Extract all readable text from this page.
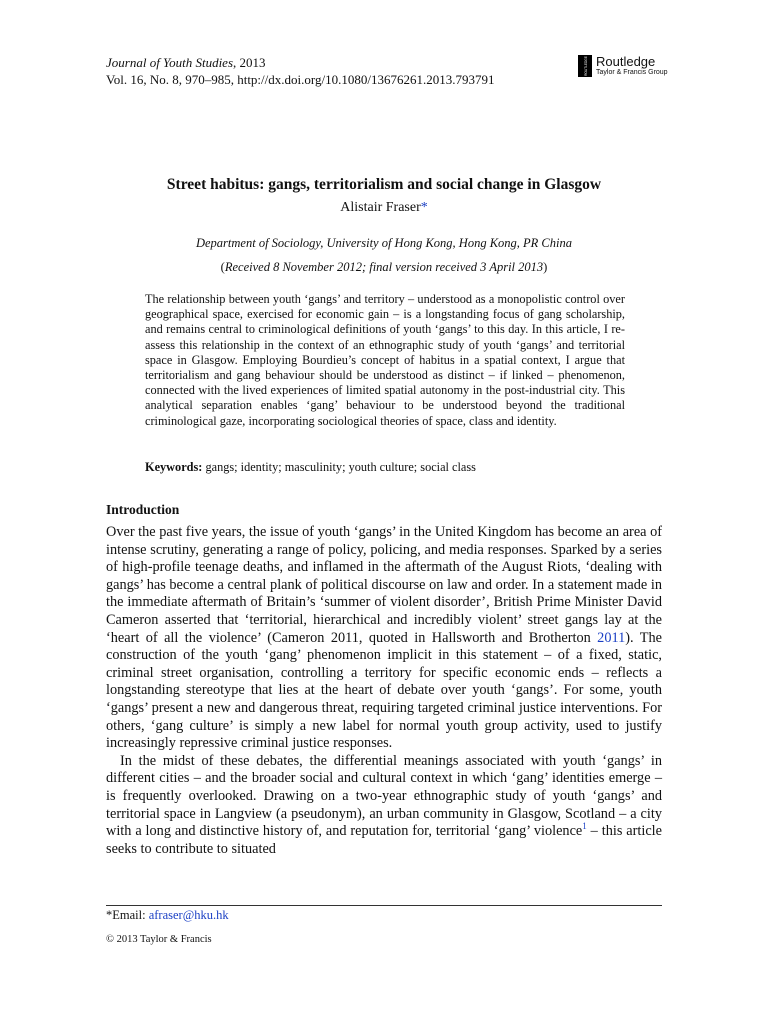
Journal of Youth Studies, 2013
Vol. 16, No. 8, 970–985, http://dx.doi.org/10.1080/13676261.2013.793791
ROUTLEDGE Routledge
Taylor & Francis Group
Street habitus: gangs, territorialism and social change in Glasgow
Alistair Fraser*
Department of Sociology, University of Hong Kong, Hong Kong, PR China
(Received 8 November 2012; final version received 3 April 2013)
The relationship between youth ‘gangs’ and territory – understood as a monopolistic control over geographical space, exercised for economic gain – is a longstanding focus of gang scholarship, and remains central to criminological definitions of youth ‘gangs’ to this day. In this article, I re-assess this relationship in the context of an ethnographic study of youth ‘gangs’ and territorial space in Glasgow. Employing Bourdieu’s concept of habitus in a spatial context, I argue that territorialism and gang behaviour should be understood as distinct – if linked – phenomenon, connected with the lived experiences of limited spatial autonomy in the post-industrial city. This analytical separation enables ‘gang’ behaviour to be understood beyond the traditional criminological gaze, incorporating sociological theories of space, class and identity.
Keywords: gangs; identity; masculinity; youth culture; social class
Introduction

Over the past five years, the issue of youth ‘gangs’ in the United Kingdom has become an area of intense scrutiny, generating a range of policy, policing, and media responses. Sparked by a series of high-profile teenage deaths, and inflamed in the aftermath of the August Riots, ‘dealing with gangs’ has become a central plank of political discourse on law and order. In a statement made in the immediate aftermath of Britain’s ‘summer of violent disorder’, British Prime Minister David Cameron asserted that ‘territorial, hierarchical and incredibly violent’ street gangs lay at the ‘heart of all the violence’ (Cameron 2011, quoted in Hallsworth and Brotherton 2011). The construction of the youth ‘gang’ phenomenon implicit in this statement – of a fixed, static, criminal street organisation, controlling a territory for specific economic ends – reflects a longstanding stereotype that lies at the heart of debate over youth ‘gangs’. For some, youth ‘gangs’ present a new and dangerous threat, requiring targeted criminal justice interventions. For others, ‘gang culture’ is simply a new label for normal youth group activity, used to justify increasingly repressive criminal justice responses.

In the midst of these debates, the differential meanings associated with youth ‘gangs’ in different cities – and the broader social and cultural context in which ‘gang’ identities emerge – is frequently overlooked. Drawing on a two-year ethnographic study of youth ‘gangs’ and territorial space in Langview (a pseudonym), an urban community in Glasgow, Scotland – a city with a long and distinctive history of, and reputation for, territorial ‘gang’ violence$^1$ – this article seeks to contribute to situated

*Email: afraser@hku.hk
© 2013 Taylor & Francis
